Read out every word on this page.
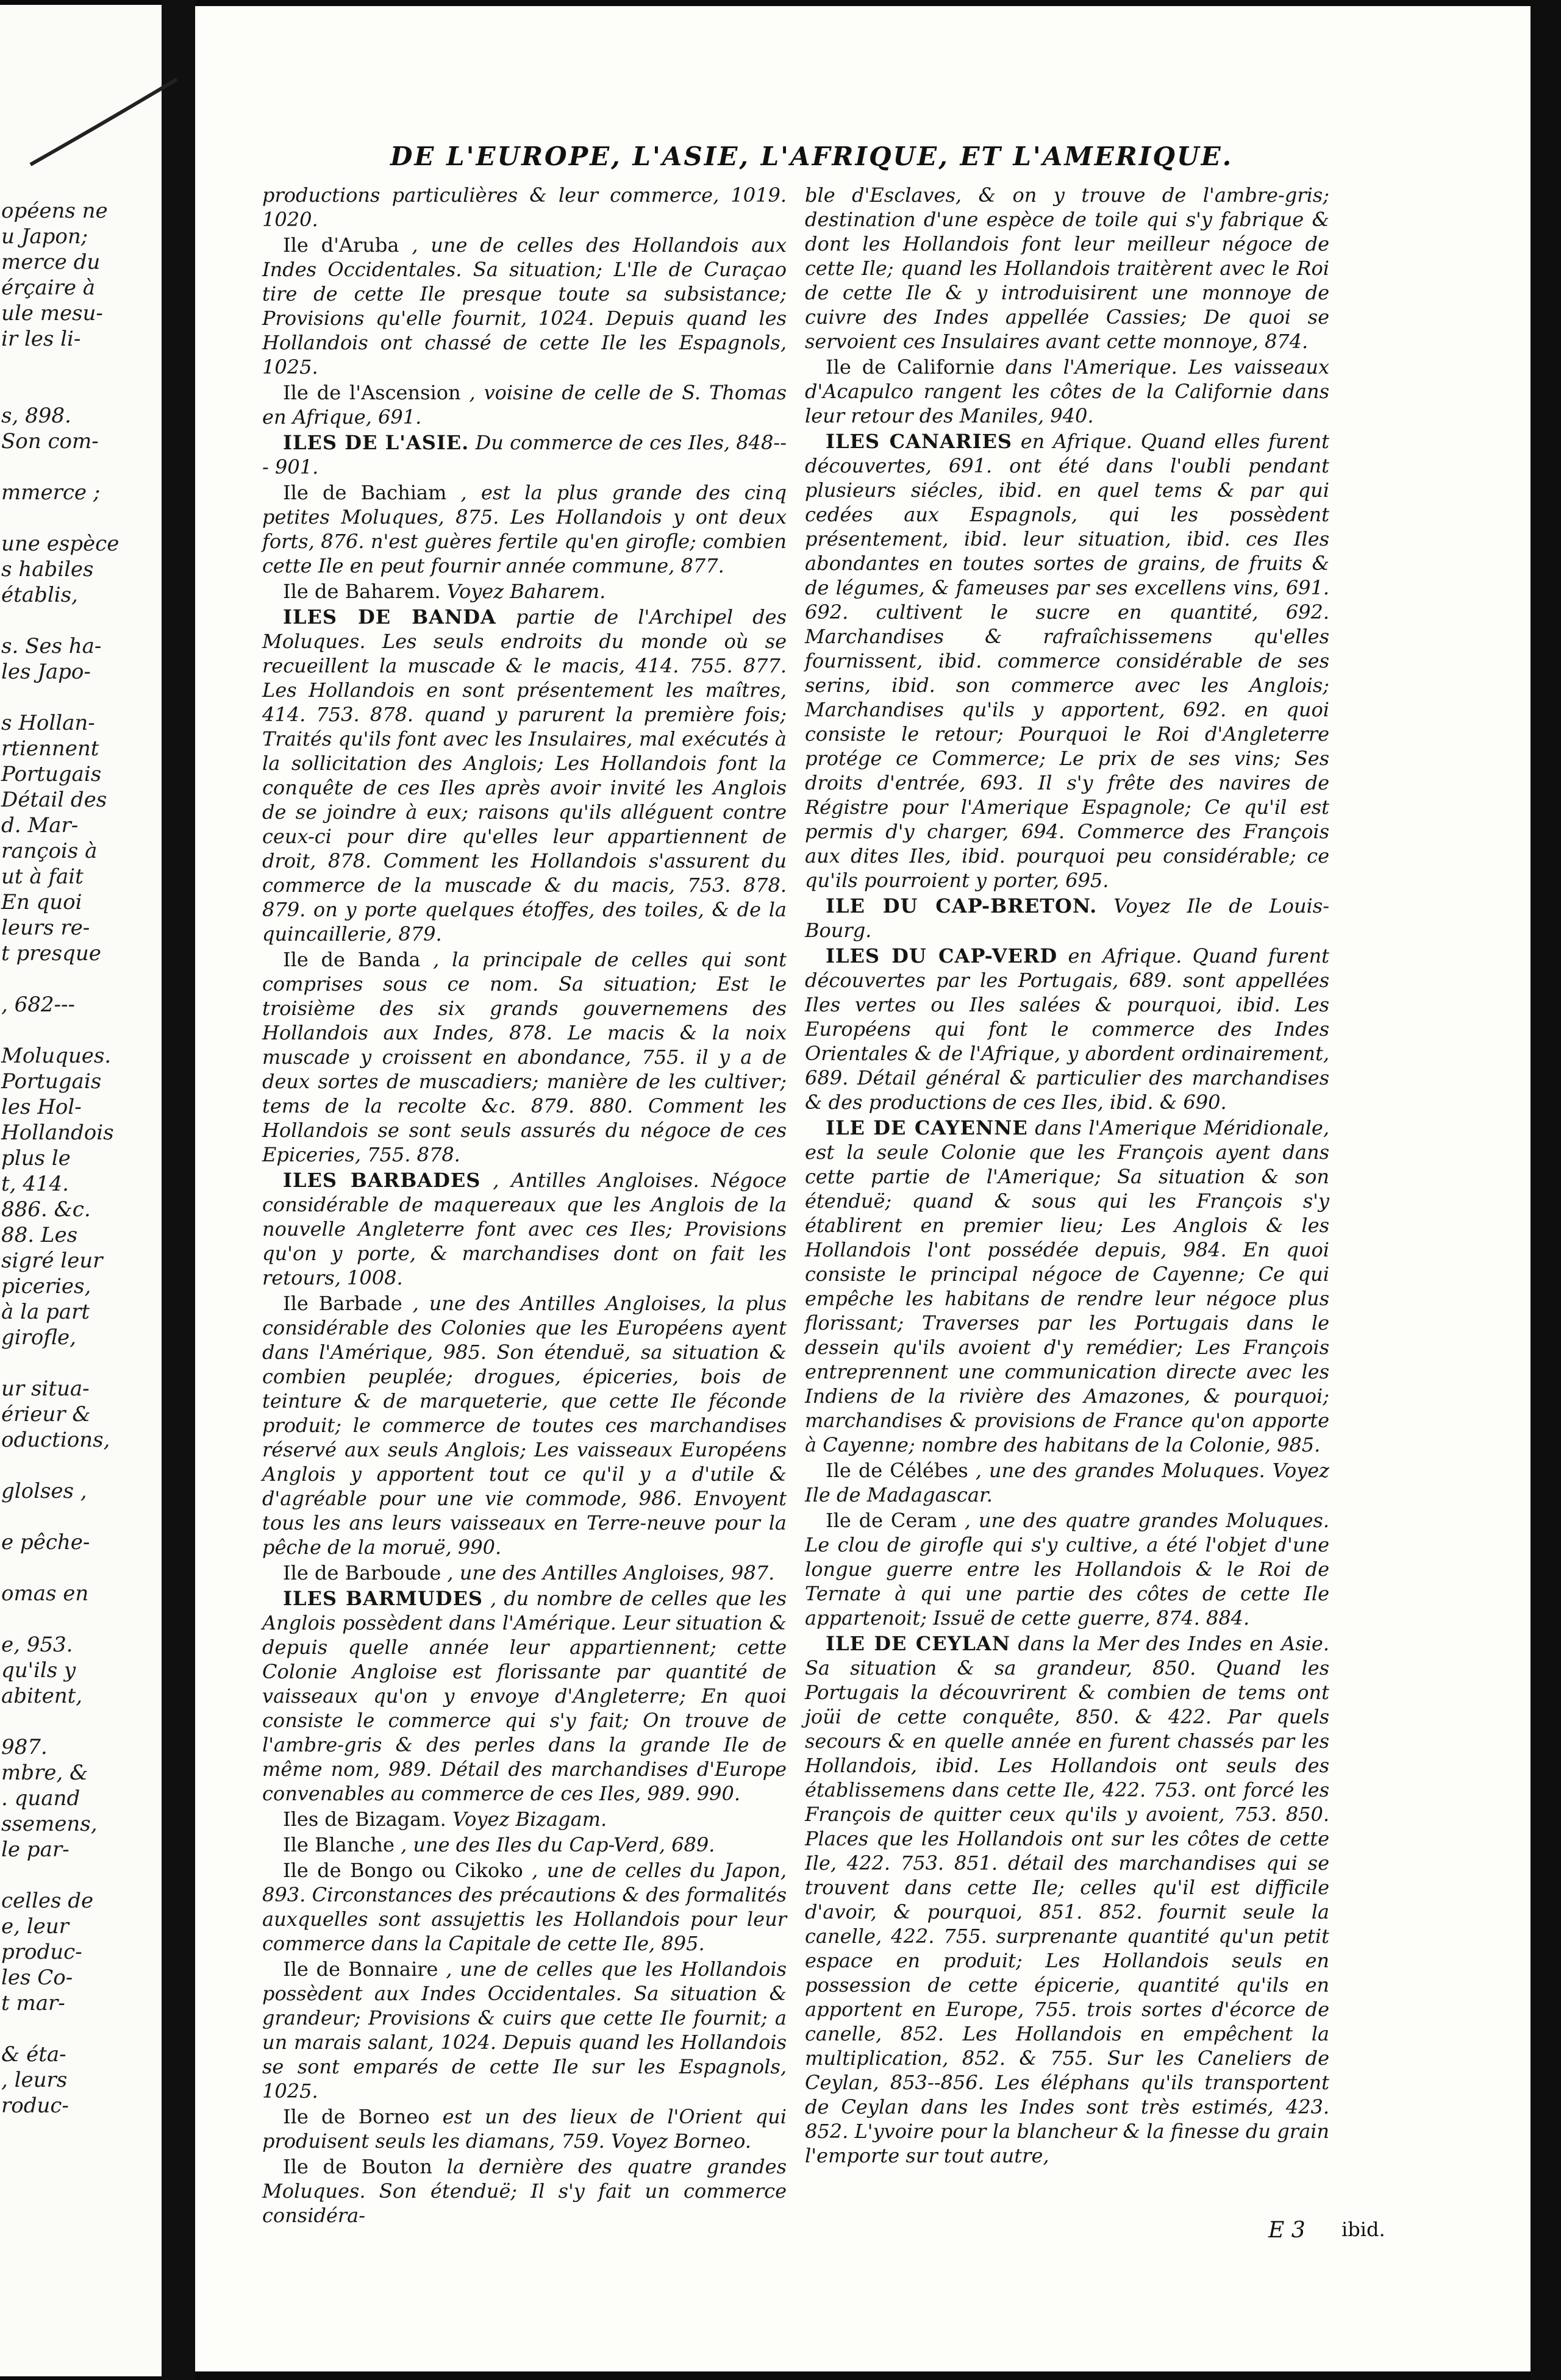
opéens ne
u Japon;
merce du
érçaire à
ule mesu-
ir les li-
s, 898.
Son com-
mmerce ;
une espèce
s habiles
établis,
s. Ses ha-
les Japo-
s Hollan-
rtiennent
Portugais
Détail des
d. Mar-
rançois à
ut à fait
En quoi
leurs re-
t presque
, 682---
Moluques.
Portugais
les Hol-
Hollandois
plus le
t, 414.
886. &c.
88. Les
sigré leur
piceries,
à la part
girofle,
ur situa-
érieur &
oductions,
glolses ,
e pêche-
omas en
e, 953.
qu'ils y
abitent,
987.
mbre, &
. quand
ssemens,
le par-
celles de
e, leur
produc-
les Co-
t mar-
& éta-
, leurs
roduc-
DE L'EUROPE, L'ASIE, L'AFRIQUE, ET L'AMERIQUE.

productions particulières & leur commerce, 1019. 1020.

Ile d'Aruba , une de celles des Hollandois aux Indes Occidentales. Sa situation; L'Ile de Curaçao tire de cette Ile presque toute sa subsistance; Provisions qu'elle fournit, 1024. Depuis quand les Hollandois ont chassé de cette Ile les Espagnols, 1025.

Ile de l'Ascension , voisine de celle de S. Thomas en Afrique, 691.

ILES DE L'ASIE. Du commerce de ces Iles, 848--- 901.

Ile de Bachiam , est la plus grande des cinq petites Moluques, 875. Les Hollandois y ont deux forts, 876. n'est guères fertile qu'en girofle; combien cette Ile en peut fournir année commune, 877.

Ile de Baharem. Voyez Baharem.

ILES DE BANDA partie de l'Archipel des Moluques. Les seuls endroits du monde où se recueillent la muscade & le macis, 414. 755. 877. Les Hollandois en sont présentement les maîtres, 414. 753. 878. quand y parurent la première fois; Traités qu'ils font avec les Insulaires, mal exécutés à la sollicitation des Anglois; Les Hollandois font la conquête de ces Iles après avoir invité les Anglois de se joindre à eux; raisons qu'ils alléguent contre ceux-ci pour dire qu'elles leur appartiennent de droit, 878. Comment les Hollandois s'assurent du commerce de la muscade & du macis, 753. 878. 879. on y porte quelques étoffes, des toiles, & de la quincaillerie, 879.

Ile de Banda , la principale de celles qui sont comprises sous ce nom. Sa situation; Est le troisième des six grands gouvernemens des Hollandois aux Indes, 878. Le macis & la noix muscade y croissent en abondance, 755. il y a de deux sortes de muscadiers; manière de les cultiver; tems de la recolte &c. 879. 880. Comment les Hollandois se sont seuls assurés du négoce de ces Epiceries, 755. 878.

ILES BARBADES , Antilles Angloises. Négoce considérable de maquereaux que les Anglois de la nouvelle Angleterre font avec ces Iles; Provisions qu'on y porte, & marchandises dont on fait les retours, 1008.

Ile Barbade , une des Antilles Angloises, la plus considérable des Colonies que les Européens ayent dans l'Amérique, 985. Son étenduë, sa situation & combien peuplée; drogues, épiceries, bois de teinture & de marqueterie, que cette Ile féconde produit; le commerce de toutes ces marchandises réservé aux seuls Anglois; Les vaisseaux Européens Anglois y apportent tout ce qu'il y a d'utile & d'agréable pour une vie commode, 986. Envoyent tous les ans leurs vaisseaux en Terre-neuve pour la pêche de la moruë, 990.

Ile de Barboude , une des Antilles Angloises, 987.

ILES BARMUDES , du nombre de celles que les Anglois possèdent dans l'Amérique. Leur situation & depuis quelle année leur appartiennent; cette Colonie Angloise est florissante par quantité de vaisseaux qu'on y envoye d'Angleterre; En quoi consiste le commerce qui s'y fait; On trouve de l'ambre-gris & des perles dans la grande Ile de même nom, 989. Détail des marchandises d'Europe convenables au commerce de ces Iles, 989. 990.

Iles de Bizagam. Voyez Bizagam.

Ile Blanche , une des Iles du Cap-Verd, 689.

Ile de Bongo ou Cikoko , une de celles du Japon, 893. Circonstances des précautions & des formalités auxquelles sont assujettis les Hollandois pour leur commerce dans la Capitale de cette Ile, 895.

Ile de Bonnaire , une de celles que les Hollandois possèdent aux Indes Occidentales. Sa situation & grandeur; Provisions & cuirs que cette Ile fournit; a un marais salant, 1024. Depuis quand les Hollandois se sont emparés de cette Ile sur les Espagnols, 1025.

Ile de Borneo est un des lieux de l'Orient qui produisent seuls les diamans, 759. Voyez Borneo.

Ile de Bouton la dernière des quatre grandes Moluques. Son étenduë; Il s'y fait un commerce considéra-

ble d'Esclaves, & on y trouve de l'ambre-gris; destination d'une espèce de toile qui s'y fabrique & dont les Hollandois font leur meilleur négoce de cette Ile; quand les Hollandois traitèrent avec le Roi de cette Ile & y introduisirent une monnoye de cuivre des Indes appellée Cassies; De quoi se servoient ces Insulaires avant cette monnoye, 874.

Ile de Californie dans l'Amerique. Les vaisseaux d'Acapulco rangent les côtes de la Californie dans leur retour des Maniles, 940.

ILES CANARIES en Afrique. Quand elles furent découvertes, 691. ont été dans l'oubli pendant plusieurs siécles, ibid. en quel tems & par qui cedées aux Espagnols, qui les possèdent présentement, ibid. leur situation, ibid. ces Iles abondantes en toutes sortes de grains, de fruits & de légumes, & fameuses par ses excellens vins, 691. 692. cultivent le sucre en quantité, 692. Marchandises & rafraîchissemens qu'elles fournissent, ibid. commerce considérable de ses serins, ibid. son commerce avec les Anglois; Marchandises qu'ils y apportent, 692. en quoi consiste le retour; Pourquoi le Roi d'Angleterre protége ce Commerce; Le prix de ses vins; Ses droits d'entrée, 693. Il s'y frête des navires de Régistre pour l'Amerique Espagnole; Ce qu'il est permis d'y charger, 694. Commerce des François aux dites Iles, ibid. pourquoi peu considérable; ce qu'ils pourroient y porter, 695.

ILE DU CAP-BRETON. Voyez Ile de Louis-Bourg.

ILES DU CAP-VERD en Afrique. Quand furent découvertes par les Portugais, 689. sont appellées Iles vertes ou Iles salées & pourquoi, ibid. Les Européens qui font le commerce des Indes Orientales & de l'Afrique, y abordent ordinairement, 689. Détail général & particulier des marchandises & des productions de ces Iles, ibid. & 690.

ILE DE CAYENNE dans l'Amerique Méridionale, est la seule Colonie que les François ayent dans cette partie de l'Amerique; Sa situation & son étenduë; quand & sous qui les François s'y établirent en premier lieu; Les Anglois & les Hollandois l'ont possédée depuis, 984. En quoi consiste le principal négoce de Cayenne; Ce qui empêche les habitans de rendre leur négoce plus florissant; Traverses par les Portugais dans le dessein qu'ils avoient d'y remédier; Les François entreprennent une communication directe avec les Indiens de la rivière des Amazones, & pourquoi; marchandises & provisions de France qu'on apporte à Cayenne; nombre des habitans de la Colonie, 985.

Ile de Célébes , une des grandes Moluques. Voyez Ile de Madagascar.

Ile de Ceram , une des quatre grandes Moluques. Le clou de girofle qui s'y cultive, a été l'objet d'une longue guerre entre les Hollandois & le Roi de Ternate à qui une partie des côtes de cette Ile appartenoit; Issuë de cette guerre, 874. 884.

ILE DE CEYLAN dans la Mer des Indes en Asie. Sa situation & sa grandeur, 850. Quand les Portugais la découvrirent & combien de tems ont joüi de cette conquête, 850. & 422. Par quels secours & en quelle année en furent chassés par les Hollandois, ibid. Les Hollandois ont seuls des établissemens dans cette Ile, 422. 753. ont forcé les François de quitter ceux qu'ils y avoient, 753. 850. Places que les Hollandois ont sur les côtes de cette Ile, 422. 753. 851. détail des marchandises qui se trouvent dans cette Ile; celles qu'il est difficile d'avoir, & pourquoi, 851. 852. fournit seule la canelle, 422. 755. surprenante quantité qu'un petit espace en produit; Les Hollandois seuls en possession de cette épicerie, quantité qu'ils en apportent en Europe, 755. trois sortes d'écorce de canelle, 852. Les Hollandois en empêchent la multiplication, 852. & 755. Sur les Caneliers de Ceylan, 853--856. Les éléphans qu'ils transportent de Ceylan dans les Indes sont très estimés, 423. 852. L'yvoire pour la blancheur & la finesse du grain l'emporte sur tout autre,

E 3 ibid.
